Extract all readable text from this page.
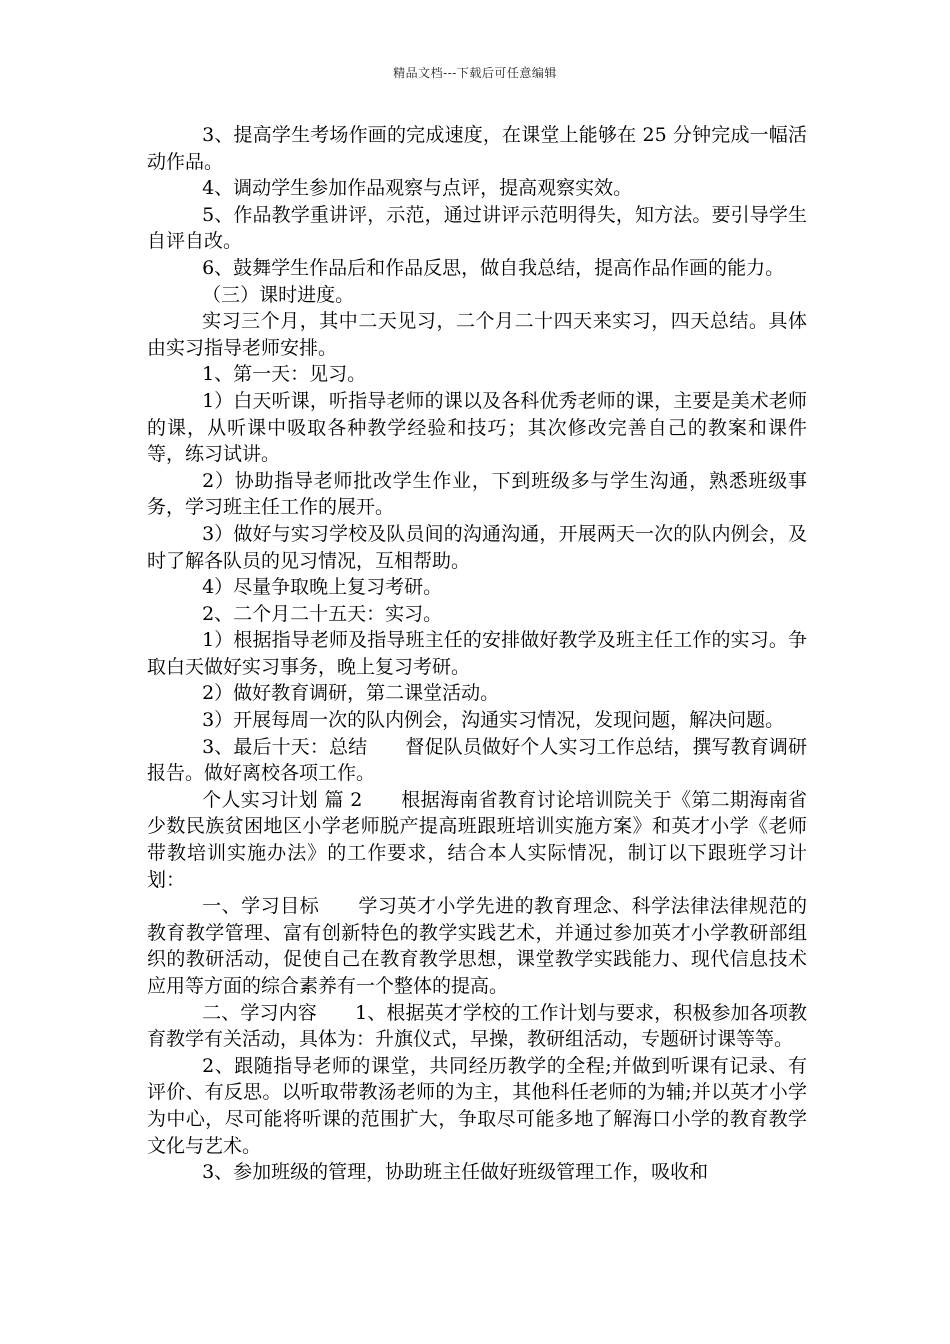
精品文档---下载后可任意编辑

3、提高学生考场作画的完成速度，在课堂上能够在 25 分钟完成一幅活动作品。

4、调动学生参加作品观察与点评，提高观察实效。

5、作品教学重讲评，示范，通过讲评示范明得失，知方法。要引导学生自评自改。

6、鼓舞学生作品后和作品反思，做自我总结，提高作品作画的能力。

（三）课时进度。

实习三个月，其中二天见习，二个月二十四天来实习，四天总结。具体由实习指导老师安排。

1、第一天：见习。

1）白天听课，听指导老师的课以及各科优秀老师的课，主要是美术老师的课，从听课中吸取各种教学经验和技巧；其次修改完善自己的教案和课件等，练习试讲。

2）协助指导老师批改学生作业，下到班级多与学生沟通，熟悉班级事务，学习班主任工作的展开。

3）做好与实习学校及队员间的沟通沟通，开展两天一次的队内例会，及时了解各队员的见习情况，互相帮助。

4）尽量争取晚上复习考研。

2、二个月二十五天：实习。

1）根据指导老师及指导班主任的安排做好教学及班主任工作的实习。争取白天做好实习事务，晚上复习考研。

2）做好教育调研，第二课堂活动。

3）开展每周一次的队内例会，沟通实习情况，发现问题，解决问题。

3、最后十天：总结　　督促队员做好个人实习工作总结，撰写教育调研报告。做好离校各项工作。

个人实习计划 篇 2　　根据海南省教育讨论培训院关于《第二期海南省少数民族贫困地区小学老师脱产提高班跟班培训实施方案》和英才小学《老师带教培训实施办法》的工作要求，结合本人实际情况，制订以下跟班学习计划：

一、学习目标　　学习英才小学先进的教育理念、科学法律法律规范的教育教学管理、富有创新特色的教学实践艺术，并通过参加英才小学教研部组织的教研活动，促使自己在教育教学思想，课堂教学实践能力、现代信息技术应用等方面的综合素养有一个整体的提高。

二、学习内容　　1、根据英才学校的工作计划与要求，积极参加各项教育教学有关活动，具体为：升旗仪式，早操，教研组活动，专题研讨课等等。

2、跟随指导老师的课堂，共同经历教学的全程;并做到听课有记录、有评价、有反思。以听取带教汤老师的为主，其他科任老师的为辅;并以英才小学为中心，尽可能将听课的范围扩大，争取尽可能多地了解海口小学的教育教学文化与艺术。

3、参加班级的管理，协助班主任做好班级管理工作，吸收和
